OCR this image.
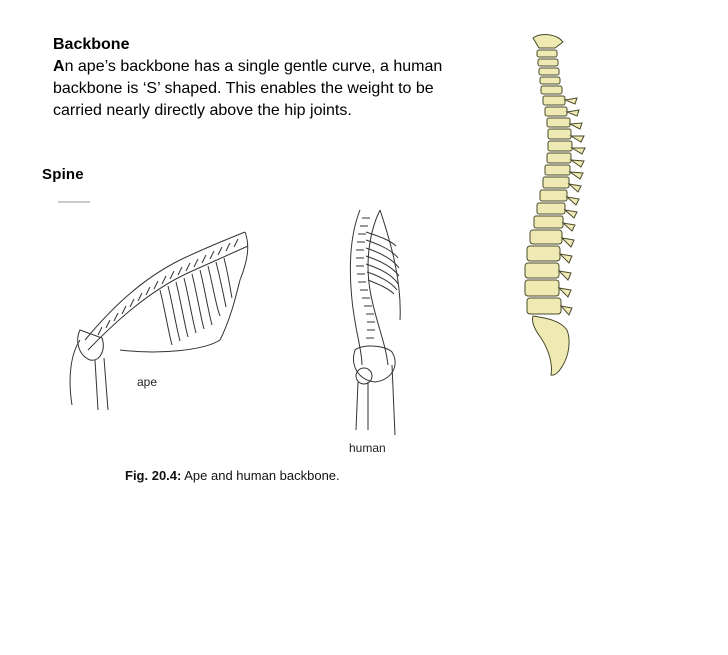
Backbone
An ape’s backbone has a single gentle curve, a human backbone is ‘S’ shaped. This enables the weight to be carried nearly directly above the hip joints.
Spine
ape
human
Fig. 20.4: Ape and human backbone.
